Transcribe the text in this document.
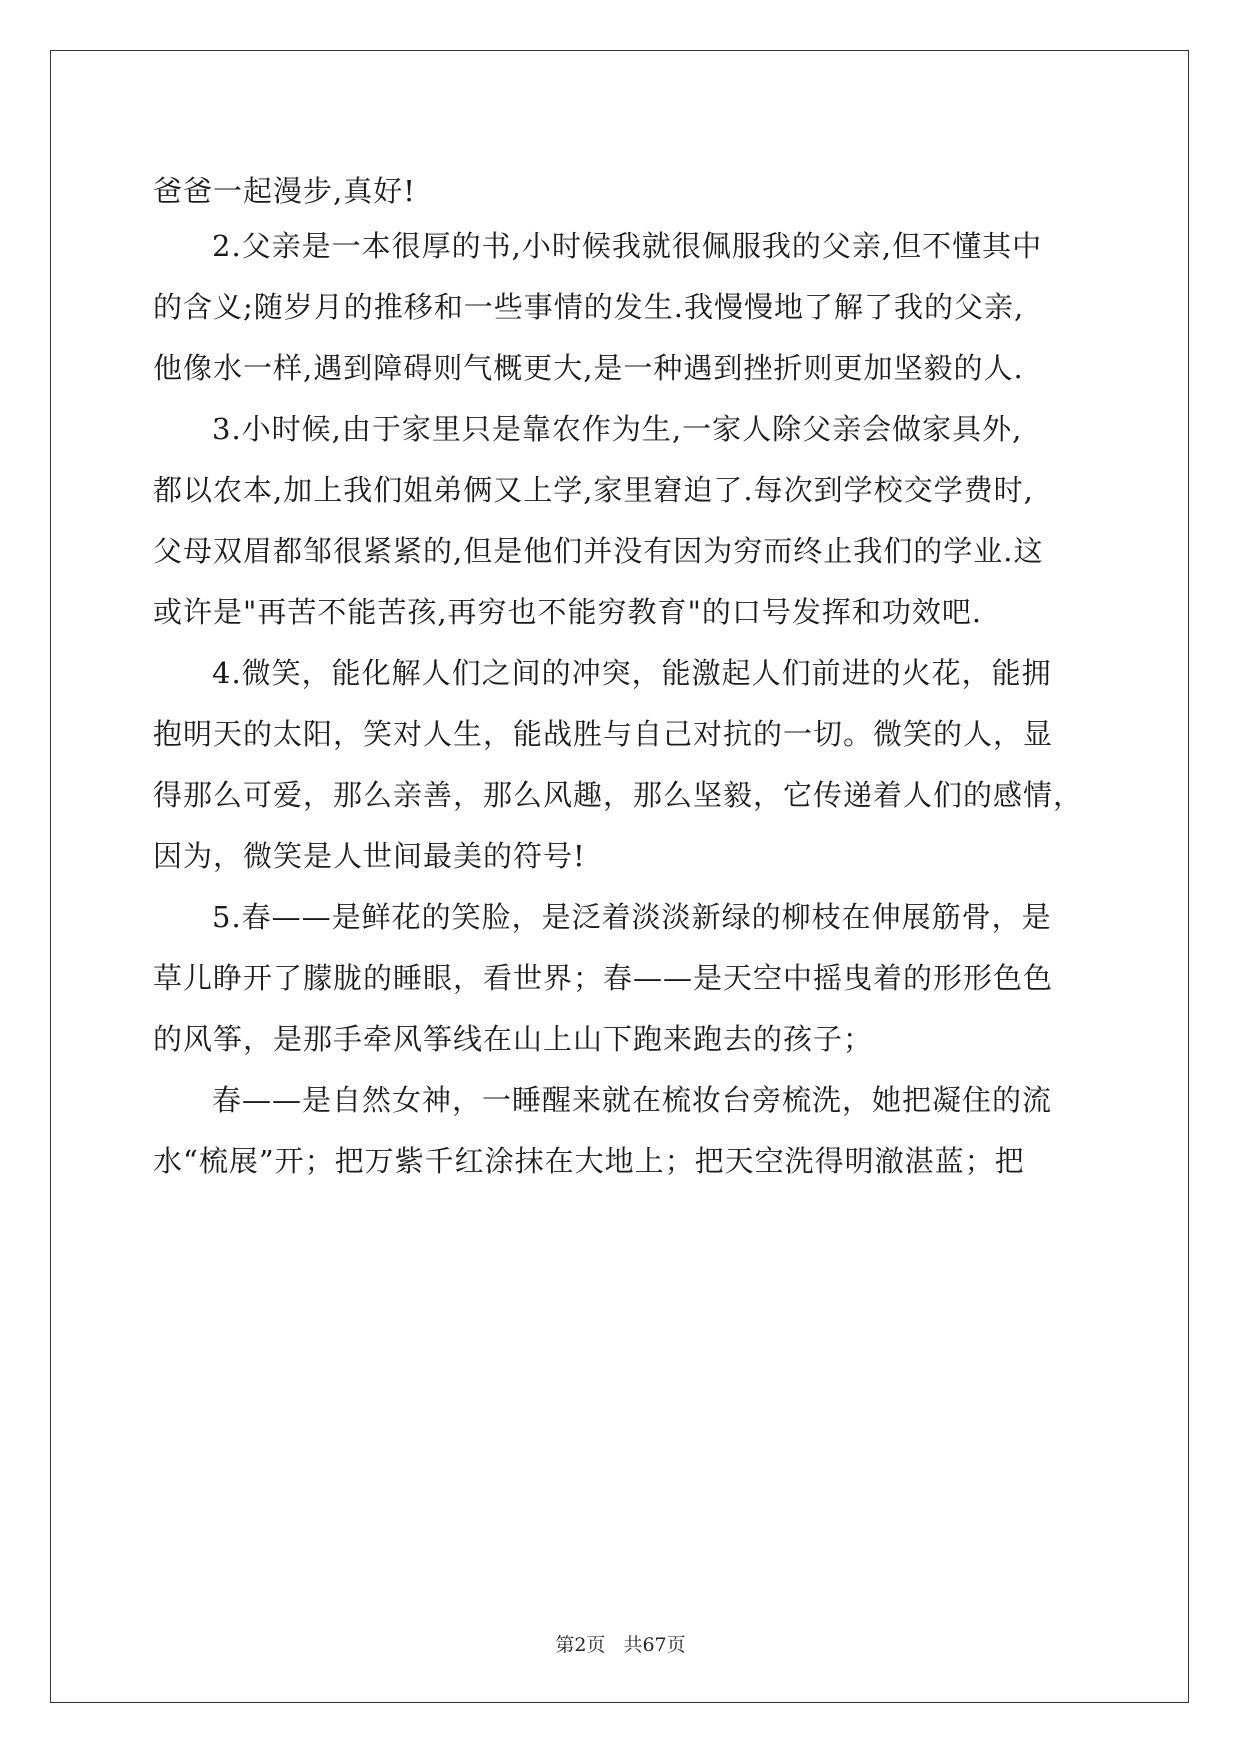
爸爸一起漫步,真好!
2.父亲是一本很厚的书,小时候我就很佩服我的父亲,但不懂其中
的含义;随岁月的推移和一些事情的发生.我慢慢地了解了我的父亲,
他像水一样,遇到障碍则气概更大,是一种遇到挫折则更加坚毅的人.
3.小时候,由于家里只是靠农作为生,一家人除父亲会做家具外,
都以农本,加上我们姐弟俩又上学,家里窘迫了.每次到学校交学费时,
父母双眉都邹很紧紧的,但是他们并没有因为穷而终止我们的学业.这
或许是"再苦不能苦孩,再穷也不能穷教育"的口号发挥和功效吧.
4.微笑，能化解人们之间的冲突，能激起人们前进的火花，能拥
抱明天的太阳，笑对人生，能战胜与自己对抗的一切。微笑的人，显
得那么可爱，那么亲善，那么风趣，那么坚毅，它传递着人们的感情，
因为，微笑是人世间最美的符号!
5.春——是鲜花的笑脸，是泛着淡淡新绿的柳枝在伸展筋骨，是
草儿睁开了朦胧的睡眼，看世界；春——是天空中摇曳着的形形色色
的风筝，是那手牵风筝线在山上山下跑来跑去的孩子；
春——是自然女神，一睡醒来就在梳妆台旁梳洗，她把凝住的流
水“梳展”开；把万紫千红涂抹在大地上；把天空洗得明澈湛蓝；把
第2页 共67页
